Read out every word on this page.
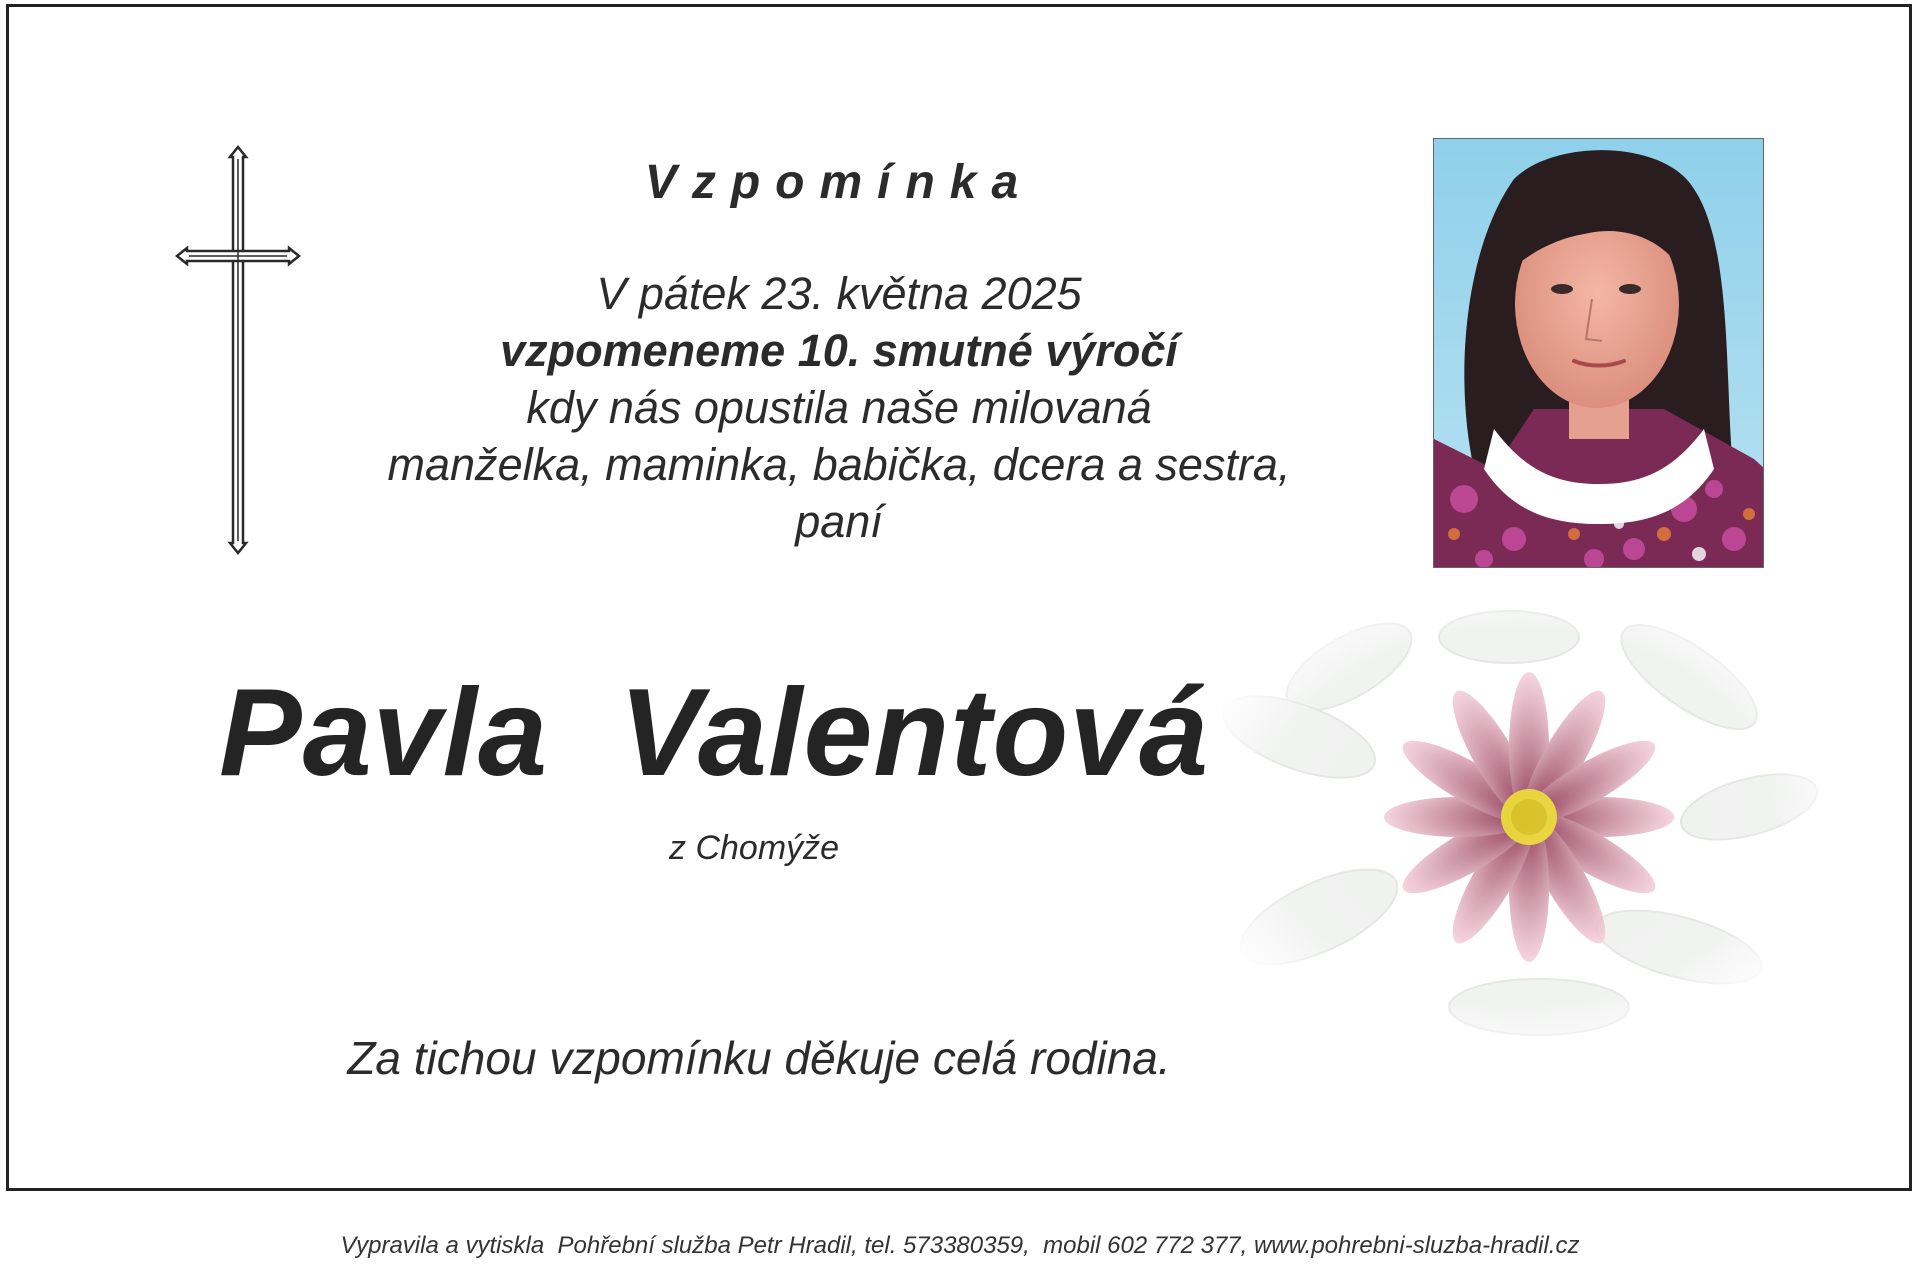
Vzpomínka
V pátek 23. května 2025
vzpomeneme 10. smutné výročí
kdy nás opustila naše milovaná
manželka, maminka, babička, dcera a sestra,
paní
Pavla  Valentová
z Chomýže
Za tichou vzpomínku děkuje celá rodina.
Vypravila a vytiskla  Pohřební služba Petr Hradil, tel. 573380359,  mobil 602 772 377, www.pohrebni-sluzba-hradil.cz
